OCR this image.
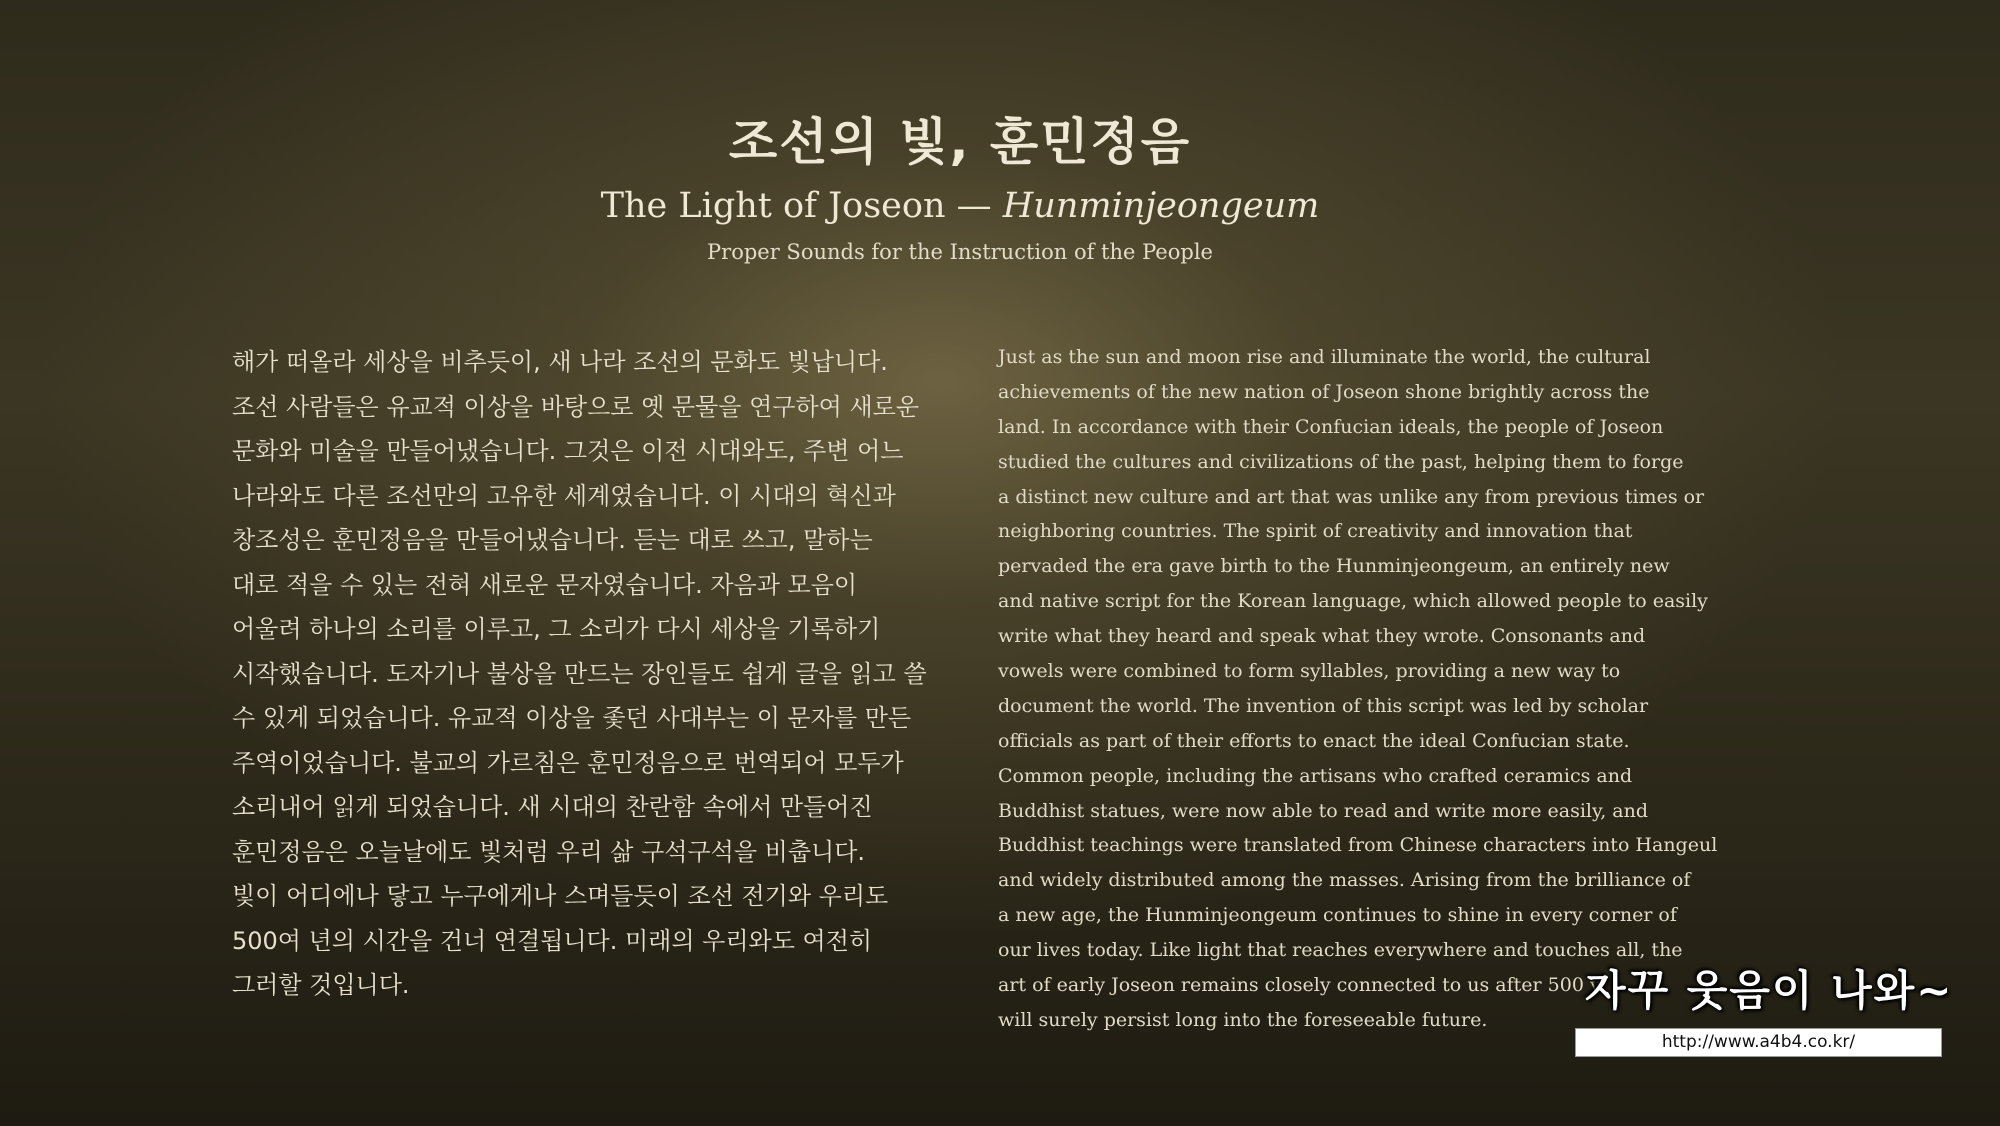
조선의 빛, 훈민정음
The Light of Joseon — Hunminjeongeum
Proper Sounds for the Instruction of the People
해가 떠올라 세상을 비추듯이, 새 나라 조선의 문화도 빛납니다.
조선 사람들은 유교적 이상을 바탕으로 옛 문물을 연구하여 새로운
문화와 미술을 만들어냈습니다. 그것은 이전 시대와도, 주변 어느
나라와도 다른 조선만의 고유한 세계였습니다. 이 시대의 혁신과
창조성은 훈민정음을 만들어냈습니다. 듣는 대로 쓰고, 말하는
대로 적을 수 있는 전혀 새로운 문자였습니다. 자음과 모음이
어울려 하나의 소리를 이루고, 그 소리가 다시 세상을 기록하기
시작했습니다. 도자기나 불상을 만드는 장인들도 쉽게 글을 읽고 쓸
수 있게 되었습니다. 유교적 이상을 좇던 사대부는 이 문자를 만든
주역이었습니다. 불교의 가르침은 훈민정음으로 번역되어 모두가
소리내어 읽게 되었습니다. 새 시대의 찬란함 속에서 만들어진
훈민정음은 오늘날에도 빛처럼 우리 삶 구석구석을 비춥니다.
빛이 어디에나 닿고 누구에게나 스며들듯이 조선 전기와 우리도
500여 년의 시간을 건너 연결됩니다. 미래의 우리와도 여전히
그러할 것입니다.
Just as the sun and moon rise and illuminate the world, the cultural
achievements of the new nation of Joseon shone brightly across the
land. In accordance with their Confucian ideals, the people of Joseon
studied the cultures and civilizations of the past, helping them to forge
a distinct new culture and art that was unlike any from previous times or
neighboring countries. The spirit of creativity and innovation that
pervaded the era gave birth to the Hunminjeongeum, an entirely new
and native script for the Korean language, which allowed people to easily
write what they heard and speak what they wrote. Consonants and
vowels were combined to form syllables, providing a new way to
document the world. The invention of this script was led by scholar
officials as part of their efforts to enact the ideal Confucian state.
Common people, including the artisans who crafted ceramics and
Buddhist statues, were now able to read and write more easily, and
Buddhist teachings were translated from Chinese characters into Hangeul
and widely distributed among the masses. Arising from the brilliance of
a new age, the Hunminjeongeum continues to shine in every corner of
our lives today. Like light that reaches everywhere and touches all, the
art of early Joseon remains closely connected to us after 500 y
will surely persist long into the foreseeable future.
자꾸 웃음이 나와~
http://www.a4b4.co.kr/
